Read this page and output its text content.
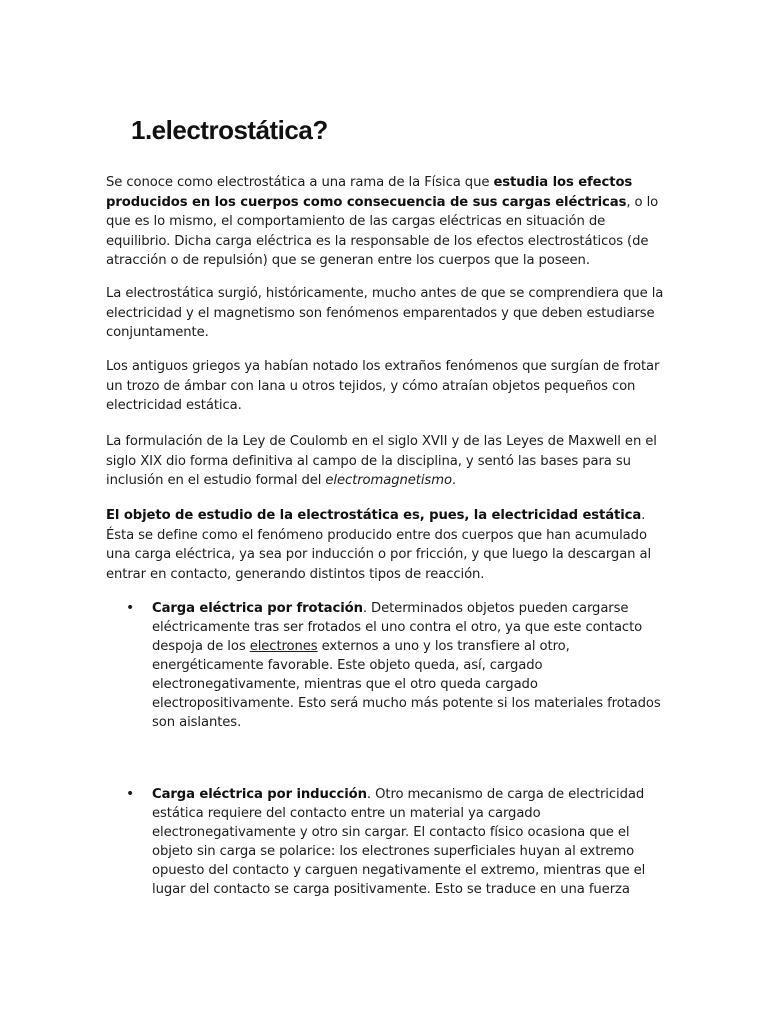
1.electrostática?

Se conoce como electrostática a una rama de la Física que estudia los efectos producidos en los cuerpos como consecuencia de sus cargas eléctricas, o lo que es lo mismo, el comportamiento de las cargas eléctricas en situación de equilibrio. Dicha carga eléctrica es la responsable de los efectos electrostáticos (de atracción o de repulsión) que se generan entre los cuerpos que la poseen.

La electrostática surgió, históricamente, mucho antes de que se comprendiera que la electricidad y el magnetismo son fenómenos emparentados y que deben estudiarse conjuntamente.

Los antiguos griegos ya habían notado los extraños fenómenos que surgían de frotar un trozo de ámbar con lana u otros tejidos, y cómo atraían objetos pequeños con electricidad estática.

La formulación de la Ley de Coulomb en el siglo XVII y de las Leyes de Maxwell en el siglo XIX dio forma definitiva al campo de la disciplina, y sentó las bases para su inclusión en el estudio formal del electromagnetismo.

El objeto de estudio de la electrostática es, pues, la electricidad estática. Ésta se define como el fenómeno producido entre dos cuerpos que han acumulado una carga eléctrica, ya sea por inducción o por fricción, y que luego la descargan al entrar en contacto, generando distintos tipos de reacción.

• Carga eléctrica por frotación. Determinados objetos pueden cargarse eléctricamente tras ser frotados el uno contra el otro, ya que este contacto despoja de los electrones externos a uno y los transfiere al otro, energéticamente favorable. Este objeto queda, así, cargado electronegativamente, mientras que el otro queda cargado electropositivamente. Esto será mucho más potente si los materiales frotados son aislantes.

• Carga eléctrica por inducción. Otro mecanismo de carga de electricidad estática requiere del contacto entre un material ya cargado electronegativamente y otro sin cargar. El contacto físico ocasiona que el objeto sin carga se polarice: los electrones superficiales huyan al extremo opuesto del contacto y carguen negativamente el extremo, mientras que el lugar del contacto se carga positivamente. Esto se traduce en una fuerza
